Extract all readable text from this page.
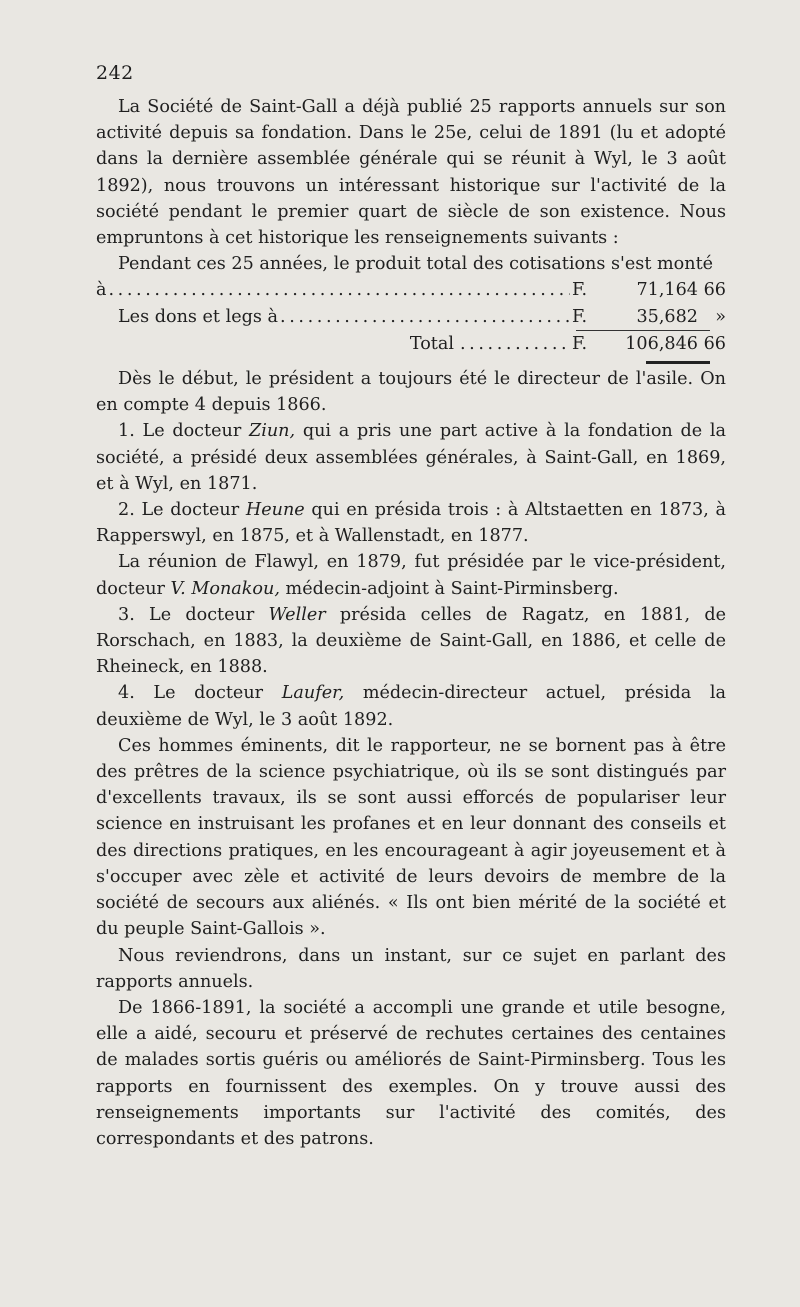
242

La Société de Saint-Gall a déjà publié 25 rapports annuels sur son activité depuis sa fondation. Dans le 25e, celui de 1891 (lu et adopté dans la dernière assemblée générale qui se réunit à Wyl, le 3 août 1892), nous trouvons un intéressant historique sur l'activité de la société pendant le premier quart de siècle de son existence. Nous empruntons à cet historique les renseignements suivants :

Pendant ces 25 années, le produit total des cotisations s'est monté

à . . .	F.	71,164 66
Les dons et legs à . . .	F.	35,682 »
Total . . .	F.	106,846 66

Dès le début, le président a toujours été le directeur de l'asile. On en compte 4 depuis 1866.

1. Le docteur Ziun, qui a pris une part active à la fondation de la société, a présidé deux assemblées générales, à Saint-Gall, en 1869, et à Wyl, en 1871.

2. Le docteur Heune qui en présida trois : à Altstaetten en 1873, à Rapperswyl, en 1875, et à Wallenstadt, en 1877.

La réunion de Flawyl, en 1879, fut présidée par le vice-président, docteur V. Monakou, médecin-adjoint à Saint-Pirminsberg.

3. Le docteur Weller présida celles de Ragatz, en 1881, de Rorschach, en 1883, la deuxième de Saint-Gall, en 1886, et celle de Rheineck, en 1888.

4. Le docteur Laufer, médecin-directeur actuel, présida la deuxième de Wyl, le 3 août 1892.

Ces hommes éminents, dit le rapporteur, ne se bornent pas à être des prêtres de la science psychiatrique, où ils se sont distingués par d'excellents travaux, ils se sont aussi efforcés de populariser leur science en instruisant les profanes et en leur donnant des conseils et des directions pratiques, en les encourageant à agir joyeusement et à s'occuper avec zèle et activité de leurs devoirs de membre de la société de secours aux aliénés. « Ils ont bien mérité de la société et du peuple Saint-Gallois ».

Nous reviendrons, dans un instant, sur ce sujet en parlant des rapports annuels.

De 1866-1891, la société a accompli une grande et utile besogne, elle a aidé, secouru et préservé de rechutes certaines des centaines de malades sortis guéris ou améliorés de Saint-Pirminsberg. Tous les rapports en fournissent des exemples. On y trouve aussi des renseignements importants sur l'activité des comités, des correspondants et des patrons.
